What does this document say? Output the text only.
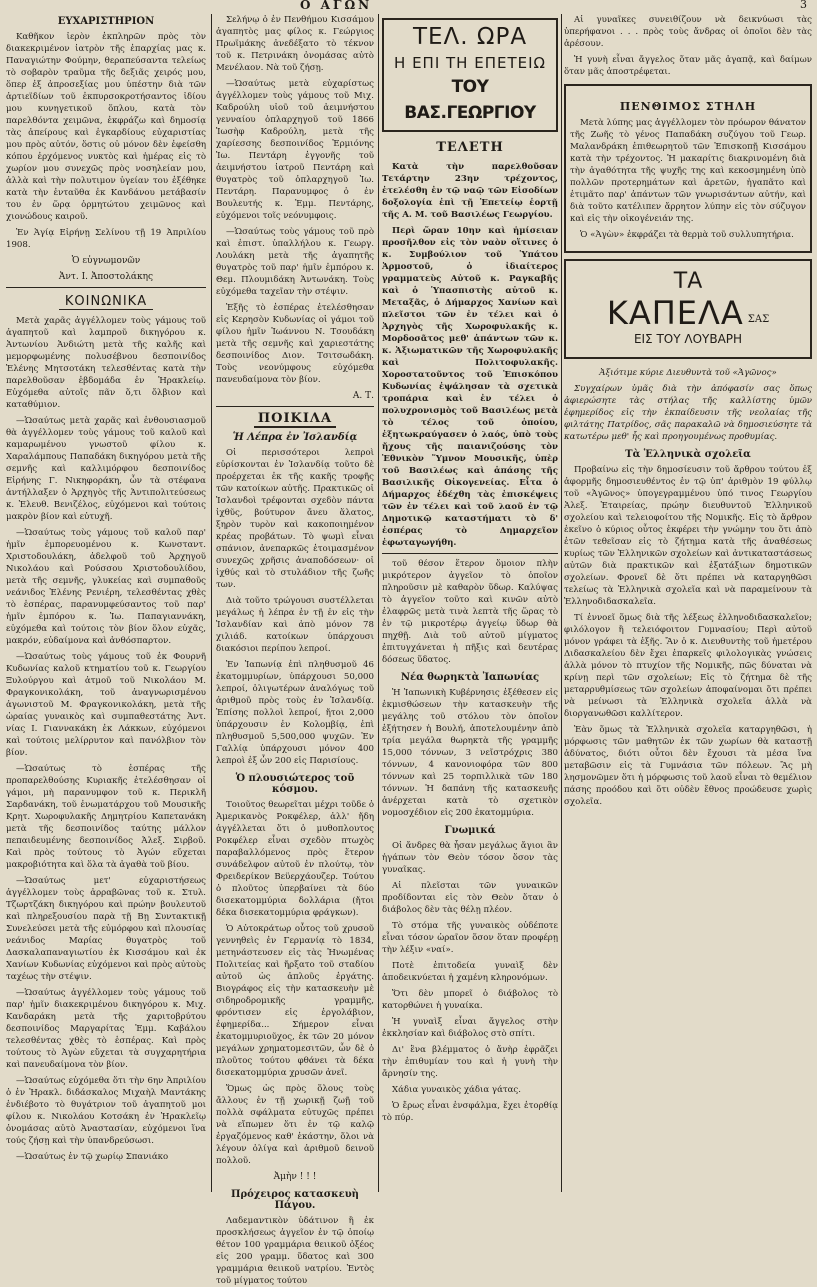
Ο ΑΓΩΝ	3
ΕΥΧΑΡΙΣΤΗΡΙΟΝ

Καθῆκον ἱερὸν ἐκπληρῶν πρὸς τὸν διακεκριμένον ἰατρὸν τῆς ἐπαρχίας μας κ. Παναγιώτην Φούμην, θεραπεύσαντα τελείως τὸ σοβαρὸν τραῦμα τῆς δεξιᾶς χειρός μου, ὅπερ ἐξ ἀπροσεξίας μου ὑπέστην διὰ τῶν ἀρτιεϊδίων τοῦ ἐκπυρσοκροτήσαντος ἰδίου μου κυνηγετικοῦ ὅπλου, κατὰ τὸν παρελθόντα χειμῶνα, ἐκφράζω καὶ δημοσίᾳ τὰς ἀπείρους καὶ ἐγκαρδίους εὐχαριστίας μου πρὸς αὐτόν, ὅστις οὐ μόνον δὲν ἐφείσθη κόπου ἐρχόμενος νυκτὸς καὶ ἡμέρας εἰς τὸ χωρίον μου συνεχῶς πρὸς νοσηλείαν μου, ἀλλὰ καὶ τὴν πολυτιμον ὑγείαν του ἐξέθηκε κατὰ τὴν ἐνταῦθα ἐκ Κανδάνου μετάβασίν του ἐν ὥρᾳ ὀρμητώτου χειμῶνος καὶ χιονώδους καιροῦ.

Ἐν Ἁγίᾳ Εἰρήνῃ Σελίνου τῇ 19 Ἀπριλίου 1908.

Ὁ εὐγνωμονῶν
Ἀντ. Ι. Ἀποστολάκης
ΚΟΙΝΩΝΙΚΑ

Μετὰ χαρᾶς ἀγγέλλομεν τοὺς γάμους τοῦ ἀγαπητοῦ καὶ λαμπροῦ δικηγόρου κ. Ἀντωνίου Ἀνδιώτη μετὰ τῆς καλῆς καὶ μεμορφωμένης πολυσέβνου δεσποινίδος Ἑλένης Μητσοτάκη τελεσθέντας κατὰ τὴν παρελθοῦσαν ἑβδομάδα ἐν Ἡρακλείῳ. Εὐχόμεθα αὐτοῖς πᾶν ὅ,τι ὄλβιον καὶ καταθύμιον.

—Ὡσαύτως μετὰ χαρᾶς καὶ ἐνθουσιασμοῦ θὰ ἀγγέλλομεν τοὺς γάμους τοῦ καλοῦ καὶ καμαρωμένου γνωστοῦ φίλου κ. Χαραλάμπους Παπαδάκη δικηγόρου μετὰ τῆς σεμνῆς καὶ καλλιμόρφου δεσποινίδος Εἰρήνης Γ. Νικηφοράκη, ὧν τὰ στέφανα ἀντήλλαξεν ὁ Ἀρχηγὸς τῆς Ἀντιπολιτεύσεως κ. Ἐλευθ. Βενιζέλος, εὐχόμενοι καὶ τούτοις μακρὸν βίον καὶ εὐτυχῆ.

—Ὡσαύτως τοὺς γάμους τοῦ καλοῦ παρ' ἡμῖν ἐμπορευομένου κ. Κωνσταντ. Χριστοδουλάκη, ἀδελφοῦ τοῦ Ἀρχηγοῦ Νικολάου καὶ Ρούσσου Χριστοδουλίδου, μετὰ τῆς σεμνῆς, γλυκείας καὶ συμπαθοῦς νεάνιδος Ἑλένης Ρενιέρη, τελεσθέντας χθὲς τὸ ἑσπέρας, παρανυμφεύσαντος τοῦ παρ' ἡμῖν ἐμπόρου κ. Ἰω. Παπαγιαννάκη, εὐχόμεθα καὶ τούτοις τὸν βίον ὅλον εὐχᾶς, μακρόν, εὐδαίμονα καὶ ἀνθόσπαρτον.

—Ὡσαύτως τοὺς γάμους τοῦ ἐκ Φουρνῆ Κυδωνίας καλοῦ κτηματίου τοῦ κ. Γεωργίου Ξυλούργου καὶ ἀτμοῦ τοῦ Νικολάου Μ. Φραγκονικολάκη, τοῦ ἀναγνωρισμένου ἀγωνιστοῦ Μ. Φραγκονικολάκη, μετὰ τῆς ὡραίας γυναικὸς καὶ συμπαθεστάτης Ἀντ. νίας Ι. Γιαννακάκη ἐκ Λάκκων, εὐχόμενοι καὶ τούτοις μελίρρυτον καὶ πανόλβιον τὸν βίον.

—Ὡσαύτως τὸ ἑσπέρας τῆς προπαρελθούσης Κυριακῆς ἐτελέσθησαν οἱ γάμοι, μὴ παρανυμφον τοῦ κ. Περικλῆ Σαρδανάκη, τοῦ ἐνωματάρχου τοῦ Μουσικῆς Κρητ. Χωροφυλακῆς Δημητρίου Καπετανάκη μετὰ τῆς δεσποινίδος ταύτης μάλλον πεπαιδευμένης δεσποινίδος Ἀλεξ. Σιρβοῦ. Καὶ πρὸς τούτους τὸ Ἀγών εὔχεται μακροβιότητα καὶ ὅλα τὰ ἀγαθὰ τοῦ βίου.

—Ὡσαύτως μετ' εὐχαριστήσεως ἀγγέλλομεν τοὺς ἀρραβῶνας τοῦ κ. Στυλ. Τζωρτζάκη δικηγόρου καὶ πρώην βουλευτοῦ καὶ πληρεξουσίου παρὰ τῇ Βῃ Συντακτικῇ Συνελεύσει μετὰ τῆς εὐμόρφου καὶ πλουσίας νεάνιδος Μαρίας θυγατρὸς τοῦ Δασκαλαπαναγιωτίου ἐκ Κισσάμου καὶ ἐκ Χανίων Κυδωνίας εὐχόμενοι καὶ πρὸς αὐτοὺς ταχέως τὴν στέψιν.

—Ὡσαύτως ἀγγέλλομεν τοὺς γάμους τοῦ παρ' ἡμῖν διακεκριμένου δικηγόρου κ. Μιχ. Κανδαράκη μετὰ τῆς χαριτοβρύτου δεσποινίδος Μαργαρίτας Ἐμμ. Καβάλου τελεσθέντας χθὲς τὸ ἑσπέρας. Καὶ πρὸς τούτους τὸ Ἀγὼν εὔχεται τὰ συγχαρητήρια καὶ πανευδαίμονα τὸν βίον.

—Ὡσαύτως εὐχόμεθα ὅτι τὴν 6ην Ἀπριλίου ὁ ἐν Ἠρακλ. διδάσκαλος Μιχαὴλ Μαντάκης ἐνδιέβοτο τὸ θυγάτριον τοῦ ἀγαπητοῦ μοι φίλου κ. Νικολάου Κοτσάκη ἐν Ἠρακλεῖῳ ὀνομάσας αὐτὸ Ἀναστασίαν, εὐχόμενοι ἵνα τούς ζήσῃ καὶ τὴν ὑπανδρεύσωσι.

—Ὡσαύτως ἐν τῷ χωρίῳ Σπανιάκο

Σελήνῳ ὁ ἐν Πενθήμου Κισσάμου ἀγαπητὸς μας φίλος κ. Γεώργιος Πρωϊμάκης ἀνεδέξατο τὸ τέκνον τοῦ κ. Πετρινάκη ὀνομάσας αὐτὸ Μενέλαον. Νὰ τοῦ ζήσῃ.

—Ὡσαύτως μετὰ εὐχαρίστως ἀγγέλλομεν τοὺς γάμους τοῦ Μιχ. Καδρούλη υἱοῦ τοῦ ἀειμνήστου γενναίου ὁπλαρχηγοῦ τοῦ 1866 Ἰωσὴφ Καδρούλη, μετὰ τῆς χαρίεσσης δεσποινίδος Ἑρμιόνης Ἰω. Πεντάρη ἐγγονῆς τοῦ ἀειμνήστου ἰατροῦ Πεντάρη καὶ θυγατρὸς τοῦ ὁπλαρχηγοῦ Ἰω. Πεντάρη. Παρανυμφος ὁ ἐν Βουλευτής κ. Ἐμμ. Πεντάρης, εὐχόμενοι τοῖς νεόνυμφοις.

—Ὡσαύτως τοὺς γάμους τοῦ πρὸ καὶ ἐπιστ. ὑπαλλήλου κ. Γεωργ. Λουλάκη μετὰ τῆς ἀγαπητῆς θυγατρὸς τοῦ παρ' ἡμῖν ἐμπόρου κ. Θεμ. Πλουμιδάκη Ἀντωνάκη. Τοὺς εὐχόμεθα ταχεῖαν τὴν στέψιν.

Ἐξῆς τὸ ἑσπέρας ἐτελέσθησαν εἰς Κερησὸν Κυδωνίας οἱ γάμοι τοῦ φίλου ἡμῖν Ἰωάννου Ν. Τσουδάκη μετὰ τῆς σεμνῆς καὶ χαριεστάτης δεσποινίδος Διον. Τσιτσωδάκη. Τοὺς νεονύμφους εὐχόμεθα πανευδαίμονα τὸν βίον.

Α. Τ.
ΠΟΙΚΙΛΑ
Ἡ Λέπρα ἐν Ἰσλανδίᾳ

Οἱ περισσότεροι λεπροὶ εὑρίσκονται ἐν Ἰσλανδίᾳ τοῦτο δὲ προέρχεται ἐκ τῆς κακῆς τροφῆς τῶν κατοίκων αὐτῆς. Πρακτικῶς οἱ Ἰσλανδοὶ τρέφονται σχεδὸν πάντα ἰχθῦς, βούτυρον ἄνευ ἅλατος, ξηρὸν τυρὸν καὶ κακοποιημένον κρέας προβάτων. Τὸ ψωμὶ εἶναι σπάνιον, ἀνεπαρκῶς ἐτοιμασμένον συνεχῶς χρῆσις ἀναποδόσεων· οἱ ἰχθύς καὶ τὸ στυλάδιον τῆς ζωῆς των.

Διὰ τοῦτο τρώγουσι συστέλλεται μεγάλως ἡ λέπρα ἐν τῇ ἐν εἰς τὴν Ἰσλανδίαν καὶ ἀπὸ μόνον 78 χιλιάδ. κατοίκων ὑπάρχουσι διακόσιοι περίπου λεπροί.

Ἐν Ἰαπωνίᾳ ἐπὶ πληθυσμοῦ 46 ἑκατομμυρίων, ὑπάρχουσι 50,000 λεπροί, ὀλιγωτέρων ἀναλόγως τοῦ ἀριθμοῦ πρὸς τοὺς ἐν Ἰσλανδίᾳ. Ἐπίσης πολλοὶ λεπροί, ἤτοι 2,000 ὑπάρχουσιν ἐν Κολομβίᾳ, ἐπὶ πληθυσμοῦ 5,500,000 ψυχῶν. Ἐν Γαλλίᾳ ὑπάρχουσι μόνον 400 λεπροὶ ἐξ ὧν 200 εἰς Παρισίους.

Ὁ πλουσιώτερος τοῦ κόσμου.

Τοιοῦτος θεωρεῖται μέχρι τοῦδε ὁ Ἀμερικανὸς Ροκφέλερ, ἀλλ' ἤδη ἀγγέλλεται ὅτι ὁ μυθοπλουτος Ροκφέλερ εἶναι σχεδὸν πτωχὸς παραβαλλόμενος πρὸς ἕτερον συνάδελφον αὐτοῦ ἐν πλούτῳ, τὸν Φρειδερίκον Βεϋερχάουζερ. Τούτου ὁ πλοῦτος ὑπερβαίνει τὰ δύο δισεκατομμύρια δολλάρια (ἤτοι δέκα δισεκατομμύρια φράγκων).

Ὁ Αὐτοκράτωρ οὗτος τοῦ χρυσοῦ γεννηθεὶς ἐν Γερμανίᾳ τὸ 1834, μετηνάστευσεν εἰς τὰς Ἡνωμένας Πολιτείας καὶ ἤρξατο τοῦ σταδίου αὐτοῦ ὡς ἁπλοῦς ἐργάτης. Βιογράφος εἰς τὴν κατασκευὴν μὲ σιδηροδρομικῆς γραμμῆς, φρόντισεν εἰς ἐργολάβιον, ἐφημερίδα... Σήμερον εἶναι ἐκατομμυριοῦχος, ἐκ τῶν 20 μόνον μεγάλων χρηματομεσιτῶν, ὧν δὲ ὁ πλοῦτος τούτου φθάνει τὰ δέκα δισεκατομμύρια χρυσῶν ἀνεῖ.

Ὅμως ὡς πρὸς ὅλους τοὺς ἄλλους ἐν τῇ χωρικῇ ζωῇ τοῦ πολλὰ σφάλματα εὐτυχῶς πρέπει νὰ εἴπωμεν ὅτι ἐν τῷ καλῷ ἐργαζόμενος καθ' ἑκάστην, ὅλοι νὰ λέγουν ὀλίγα καὶ ἀριθμοῦ δεινοῦ πολλοῦ.

Ἀμὴν ! ! !
Πρόχειρος κατασκευὴ Πάγου.

Λαδεμαντικὸν ὑδάτινον ἢ ἐκ προσκλήσεως ἀγγεῖον ἐν τῷ ὁποίῳ θέτον 100 γραμμάρια θειικοῦ ὀξέος εἰς 200 γραμμ. ὕδατος καὶ 300 γραμμάρια θειικοῦ νατρίου. Ἐντὸς τοῦ μίγματος τούτου

ΤΕΛ. ΩΡΑ
Η ΕΠΙ ΤΗ ΕΠΕΤΕΙΩ
ΤΟΥ ΒΑΣ.ΓΕΩΡΓΙΟΥ
ΤΕΛΕΤΗ

Κατὰ τὴν παρελθοῦσαν Τετάρτην 23ην τρέχοντος, ἐτελέσθη ἐν τῷ ναῷ τῶν Εἰσοδίων δοξολογία ἐπὶ τῇ Ἐπετείῳ ἑορτῇ τῆς Α. Μ. τοῦ Βασιλέως Γεωργίου.

Περὶ ὥραν 10ην καὶ ἡμίσειαν προσῆλθον εἰς τὸν ναὸν οἵτινες ὁ κ. Συμβούλιον τοῦ Ὑπάτου Ἁρμοστοῦ, ὁ ἰδιαίτερος γραμματεὺς Αὐτοῦ κ. Ραγκαβῆς καὶ ὁ Ὑπασπιστὴς αὐτοῦ κ. Μεταξᾶς, ὁ Δήμαρχος Χανίων καὶ πλεῖστοι τῶν ἐν τέλει καὶ ὁ Ἀρχηγὸς τῆς Χωροφυλακῆς κ. Μορδοσᾶτος μεθ' ἁπάντων τῶν κ. κ. Ἀξιωματικῶν τῆς Χωροφυλακῆς καὶ Πολιτοφυλακῆς. Χοροστατοῦντος τοῦ Ἐπισκόπου Κυδωνίας ἐψάλησαν τὰ σχετικὰ τροπάρια καὶ ἐν τέλει ὁ πολυχρονισμὸς τοῦ Βασιλέως μετὰ τὸ τέλος τοῦ ὁποίου, ἐξητωκραύγασεν ὁ λαός, ὑπὸ τοὺς ἤχους τῆς παιανιζούσης τὸν Ἐθνικὸν Ὕμνον Μουσικῆς, ὑπὲρ τοῦ Βασιλέως καὶ ἁπάσης τῆς Βασιλικῆς Οἰκογενείας. Εἶτα ὁ Δήμαρχος ἐδέχθη τὰς ἐπισκέψεις τῶν ἐν τέλει καὶ τοῦ λαοῦ ἐν τῷ Δημοτικῷ καταστήματι τὸ δ' ἑσπέρας τὸ Δημαρχεῖον ἐφωταγωγήθη.

τοῦ θέσον ἕτερον ὅμοιον πλὴν μικρότερον ἀγγεῖον τὸ ὁποῖον πληροῦσιν μὲ καθαρὸν ὕδωρ. Καλύψας τὸ ἀγγεῖον τοῦτο καὶ κινῶν αὐτὸ ἐλαφρῶς μετὰ τινὰ λεπτὰ τῆς ὥρας τὸ ἐν τῷ μικροτέρῳ ἀγγείῳ ὕδωρ θὰ πηχθῇ. Διὰ τοῦ αὐτοῦ μίγματος ἐπιτυγχάνεται ἡ πῆξις καὶ δευτέρας δόσεως ὕδατος.

Νέα θωρηκτὰ Ἰαπωνίας

Ἡ Ἰαπωνικὴ Κυβέρνησις ἐξέθεσεν εἰς ἐκμισθώσεων τὴν κατασκευὴν τῆς μεγάλης τοῦ στόλου τὸν ὁποῖον ἐξήτησεν ἡ Βουλή, ἀποτελουμένην ἀπὸ τρία μεγάλα θωρηκτὰ τῆς γραμμῆς 15,000 τόννων, 3 νεῖστρόχρις 380 τόννων, 4 κανονιοφόρα τῶν 800 τόννων καὶ 25 τορπιλλικὰ τῶν 180 τόννων. Ἡ δαπάνη τῆς κατασκευῆς ἀνέρχεται κατὰ τὸ σχετικὸν νομοσχέδιον εἰς 200 ἑκατομμύρια.

Γνωμικά

Οἱ ἄνδρες θὰ ἦσαν μεγάλως ἄγιοι ἂν ἠγάπων τὸν Θεὸν τόσον ὅσον τὰς γυναῖκας.

Αἱ πλεῖσται τῶν γυναικῶν προδίδονται εἰς τὸν Θεὸν ὅταν ὁ διάβολος δὲν τὰς θέλῃ πλέον.

Τὸ στόμα τῆς γυναικὸς οὐδέποτε εἶναι τόσον ὡραῖον ὅσον ὅταν προφέρῃ τὴν λέξιν «ναί».

Ποτὲ ἐπιτοδεία γυναὶξ δὲν ἀποδεικνύεται ἡ χαμένη κληρονόμων.

Ὅτι δὲν μπορεῖ ὁ διάβολος τὸ κατορθώνει ἡ γυναίκα.

Ἡ γυναὶξ εἶναι ἄγγελος στὴν ἐκκλησίαν καὶ διάβολος στὸ σπίτι.

Δι' ἓνα βλέμματος ὁ ἄνὴρ ἐφρᾶζει τὴν ἐπιθυμίαν του καὶ ἡ γυνὴ τὴν ἄρνησίν της.

Χάδια γυναικὸς χάδια γάτας.

Ὁ ἔρως εἶναι ἐνσφάλμα, ἔχει ἐτορθίᾳ τὸ πύρ.

Αἱ γυναῖκες συνειθίζουν νὰ δεικνύωσι τὰς ὑπερήφανοι . . . πρὸς τοὺς ἄνδρας οἱ ὁποῖοι δὲν τὰς ἀρέσουν.

Ἡ γυνὴ εἶναι ἄγγελος ὅταν μᾶς ἀγαπᾷ, καὶ δαίμων ὅταν μᾶς ἀποστρέφεται.

ΠΕΝΘΙΜΟΣ ΣΤΗΛΗ

Μετὰ λύπης μας ἀγγέλλομεν τὸν πρόωρον θάνατον τῆς Ζωῆς τὸ γένος Παπαδάκη συζύγου τοῦ Γεωρ. Μαλανδράκη ἐπιθεωρητοῦ τῶν Ἐπισκοπῇ Κισσάμου κατὰ τὴν τρέχοντος. Ἡ μακαρίτις διακρινομένη διὰ τὴν ἀγαθότητα τῆς ψυχῆς της καὶ κεκοσμημένη ὑπὸ πολλῶν προτερημάτων καὶ ἀρετῶν, ἠγαπᾶτο καὶ ἐτιμᾶτο παρ' ἁπάντων τῶν γνωρισάντων αὐτήν, καὶ διὰ τοῦτο κατέλιπεν ἄρρητον λύπην εἰς τὸν σύζυγον καὶ εἰς τὴν οἰκογένειάν της.

Ὁ «Ἀγὼν» ἐκφράζει τὰ θερμὰ τοῦ συλλυπητήρια.

ΤΑ
ΚΑΠΕΛΑ ΣΑΣ
ΕΙΣ ΤΟΥ ΛΟΥΒΑΡΗ

Ἀξιότιμε κύριε Διευθυντὰ τοῦ «Ἀγῶνος»

Συγχαίρων ὑμᾶς διὰ τὴν ἀπόφασίν σας ὅπως ἀφιερώσητε τὰς στήλας τῆς καλλίστης ὑμῶν ἐφημερίδος εἰς τὴν ἐκπαίδευσιν τῆς νεολαίας τῆς φιλτάτης Πατρίδος, σᾶς παρακαλῶ νὰ δημοσιεύσητε τὰ κατωτέρω μεθ' ἧς καὶ προηγουμένως προθυμίας.

Τὰ Ἑλληνικὰ σχολεῖα

Προβαίνω εἰς τὴν δημοσίευσιν τοῦ ἄρθρου τούτου ἐξ ἀφορμῆς δημοσιευθέντος ἐν τῷ ὑπ' ἀριθμὸν 19 φύλλῳ τοῦ «Ἀγῶνος» ὑπογεγραμμένου ὑπό τινος Γεωργίου Ἀλεξ. Ἑταιρείας, πρώην διευθυντοῦ Ἑλληνικοῦ σχολείου καὶ τελειοφοίτου τῆς Νομικῆς. Εἰς τὸ ἄρθρον ἐκεῖνο ὁ κύριος οὗτος ἐκφέρει τὴν γνώμην του ὅτι ἀπὸ ἐτῶν τεθεῖσαν εἰς τὸ ζήτημα κατὰ τῆς ἀναθέσεως κυρίως τῶν Ἑλληνικῶν σχολείων καὶ ἀντικαταστάσεως αὐτῶν διὰ πρακτικῶν καὶ ἐξατάξιων δημοτικῶν σχολείων. Φρονεῖ δὲ ὅτι πρέπει νὰ καταργηθῶσι τελείως τὰ Ἑλληνικὰ σχολεῖα καὶ νὰ παραμείνουν τὰ Ἑλληνοδιδασκαλεῖα.

Τί ἐννοεῖ ὅμως διὰ τῆς λέξεως ἑλληνοδιδασκαλεῖον; φιλόλογον ἢ τελειόφοιτον Γυμνασίου; Περὶ αὐτοῦ μόνον γράφει τὰ ἑξῆς. Ἂν ὁ κ. Διευθυντὴς τοῦ ἡμετέρου Διδασκαλείου δὲν ἔχει ἐπαρκεῖς φιλολογικὰς γνώσεις ἀλλὰ μόνον τὸ πτυχίον τῆς Νομικῆς, πῶς δύναται νὰ κρίνῃ περὶ τῶν σχολείων; Εἰς τὸ ζήτημα δὲ τῆς μεταρρυθμίσεως τῶν σχολείων ἀποφαίνομαι ὅτι πρέπει νὰ μείνωσι τὰ Ἑλληνικὰ σχολεῖα ἀλλὰ νὰ διοργανωθῶσι καλλίτερον.

Ἐὰν ὅμως τὰ Ἑλληνικὰ σχολεῖα καταργηθῶσι, ἡ μόρφωσις τῶν μαθητῶν ἐκ τῶν χωρίων θὰ καταστῇ ἀδύνατος, διότι οὗτοι δὲν ἔχουσι τὰ μέσα ἵνα μεταβῶσιν εἰς τὰ Γυμνάσια τῶν πόλεων. Ἂς μὴ λησμονῶμεν ὅτι ἡ μόρφωσις τοῦ λαοῦ εἶναι τὸ θεμέλιον πάσης προόδου καὶ ὅτι οὐδὲν ἔθνος προώδευσε χωρὶς σχολεῖα.
